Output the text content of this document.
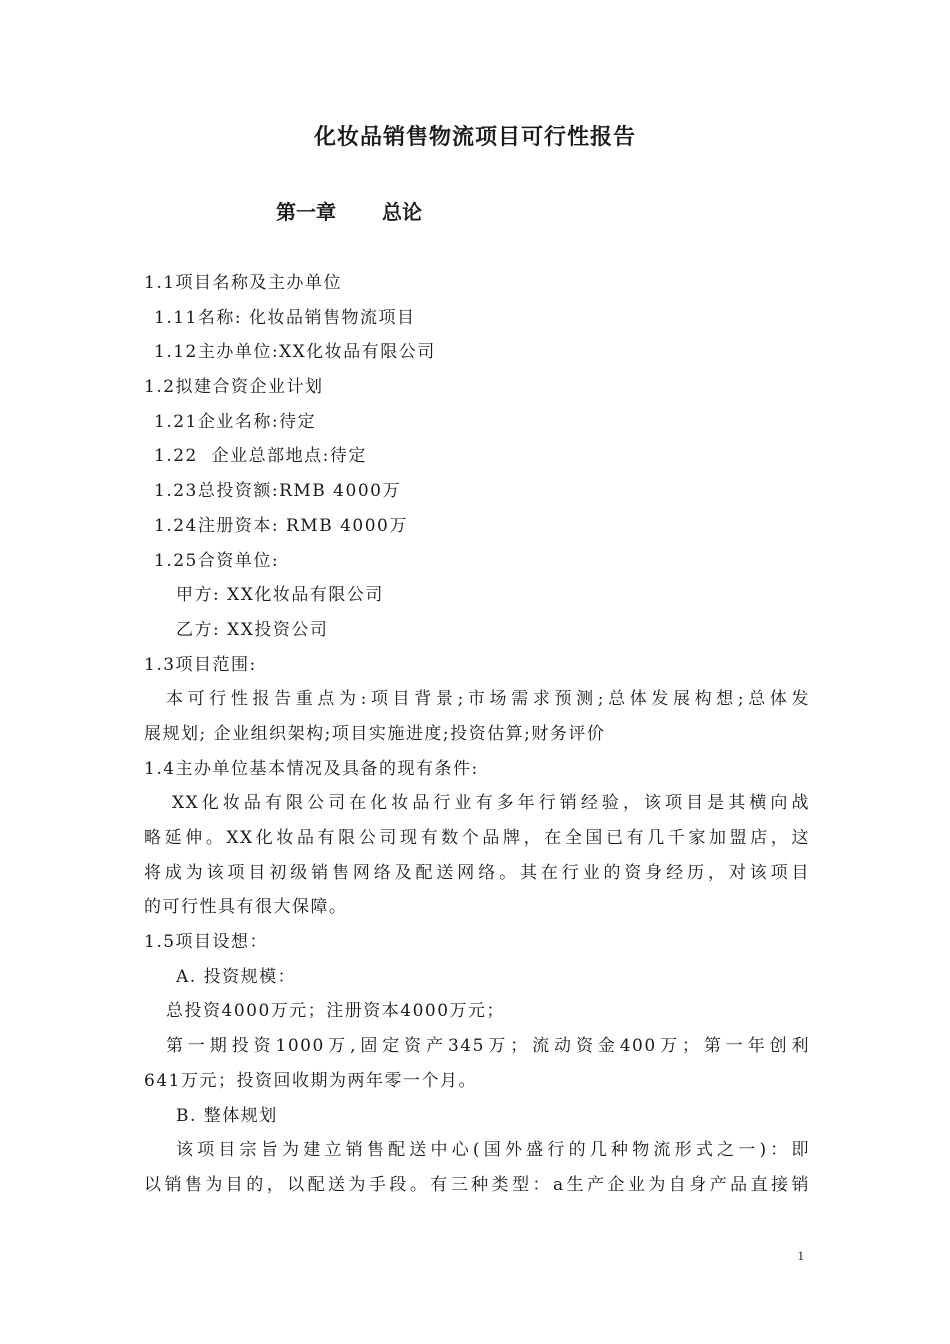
化妆品销售物流项目可行性报告
第一章 总论
1.1项目名称及主办单位
1.11名称: 化妆品销售物流项目
1.12主办单位:XX化妆品有限公司
1.2拟建合资企业计划
1.21企业名称:待定
1.22  企业总部地点:待定
1.23总投资额:RMB 4000万
1.24注册资本: RMB 4000万
1.25合资单位:
甲方: XX化妆品有限公司
乙方: XX投资公司
1.3项目范围:
本可行性报告重点为:项目背景;市场需求预测;总体发展构想;总体发
展规划; 企业组织架构;项目实施进度;投资估算;财务评价
1.4主办单位基本情况及具备的现有条件:
XX化妆品有限公司在化妆品行业有多年行销经验，该项目是其横向战
略延伸。XX化妆品有限公司现有数个品牌，在全国已有几千家加盟店，这
将成为该项目初级销售网络及配送网络。其在行业的资身经历，对该项目
的可行性具有很大保障。
1.5项目设想：
A. 投资规模：
总投资4000万元；注册资本4000万元；
第一期投资1000万,固定资产345万；流动资金400万；第一年创利
641万元；投资回收期为两年零一个月。
B. 整体规划
该项目宗旨为建立销售配送中心(国外盛行的几种物流形式之一)：即
以销售为目的，以配送为手段。有三种类型：a生产企业为自身产品直接销
1
